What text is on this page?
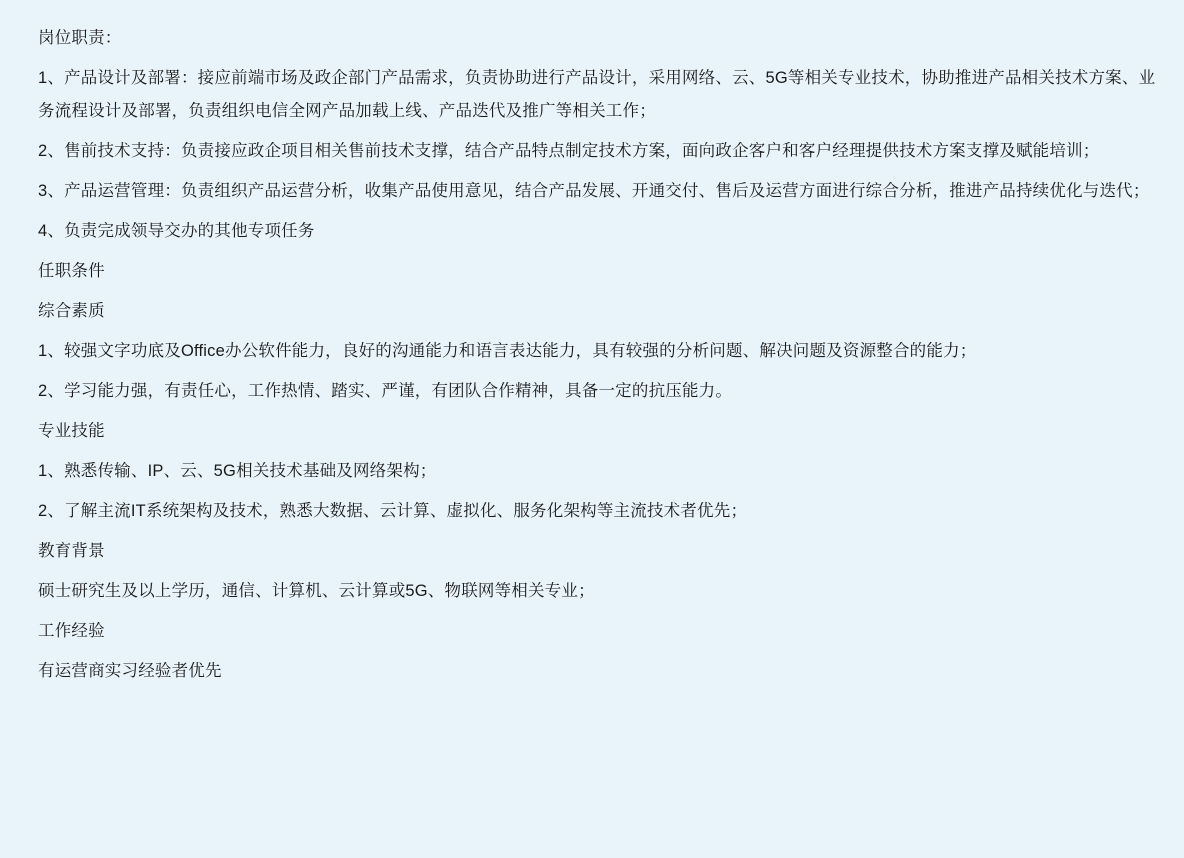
岗位职责：

1、产品设计及部署：接应前端市场及政企部门产品需求，负责协助进行产品设计，采用网络、云、5G等相关专业技术，协助推进产品相关技术方案、业务流程设计及部署，负责组织电信全网产品加载上线、产品迭代及推广等相关工作；

2、售前技术支持：负责接应政企项目相关售前技术支撑，结合产品特点制定技术方案，面向政企客户和客户经理提供技术方案支撑及赋能培训；

3、产品运营管理：负责组织产品运营分析，收集产品使用意见，结合产品发展、开通交付、售后及运营方面进行综合分析，推进产品持续优化与迭代；

4、负责完成领导交办的其他专项任务

任职条件

综合素质

1、较强文字功底及Office办公软件能力，良好的沟通能力和语言表达能力，具有较强的分析问题、解决问题及资源整合的能力；

2、学习能力强，有责任心，工作热情、踏实、严谨，有团队合作精神，具备一定的抗压能力。

专业技能

1、熟悉传输、IP、云、5G相关技术基础及网络架构；

2、了解主流IT系统架构及技术，熟悉大数据、云计算、虚拟化、服务化架构等主流技术者优先；

教育背景

硕士研究生及以上学历，通信、计算机、云计算或5G、物联网等相关专业；

工作经验

有运营商实习经验者优先
